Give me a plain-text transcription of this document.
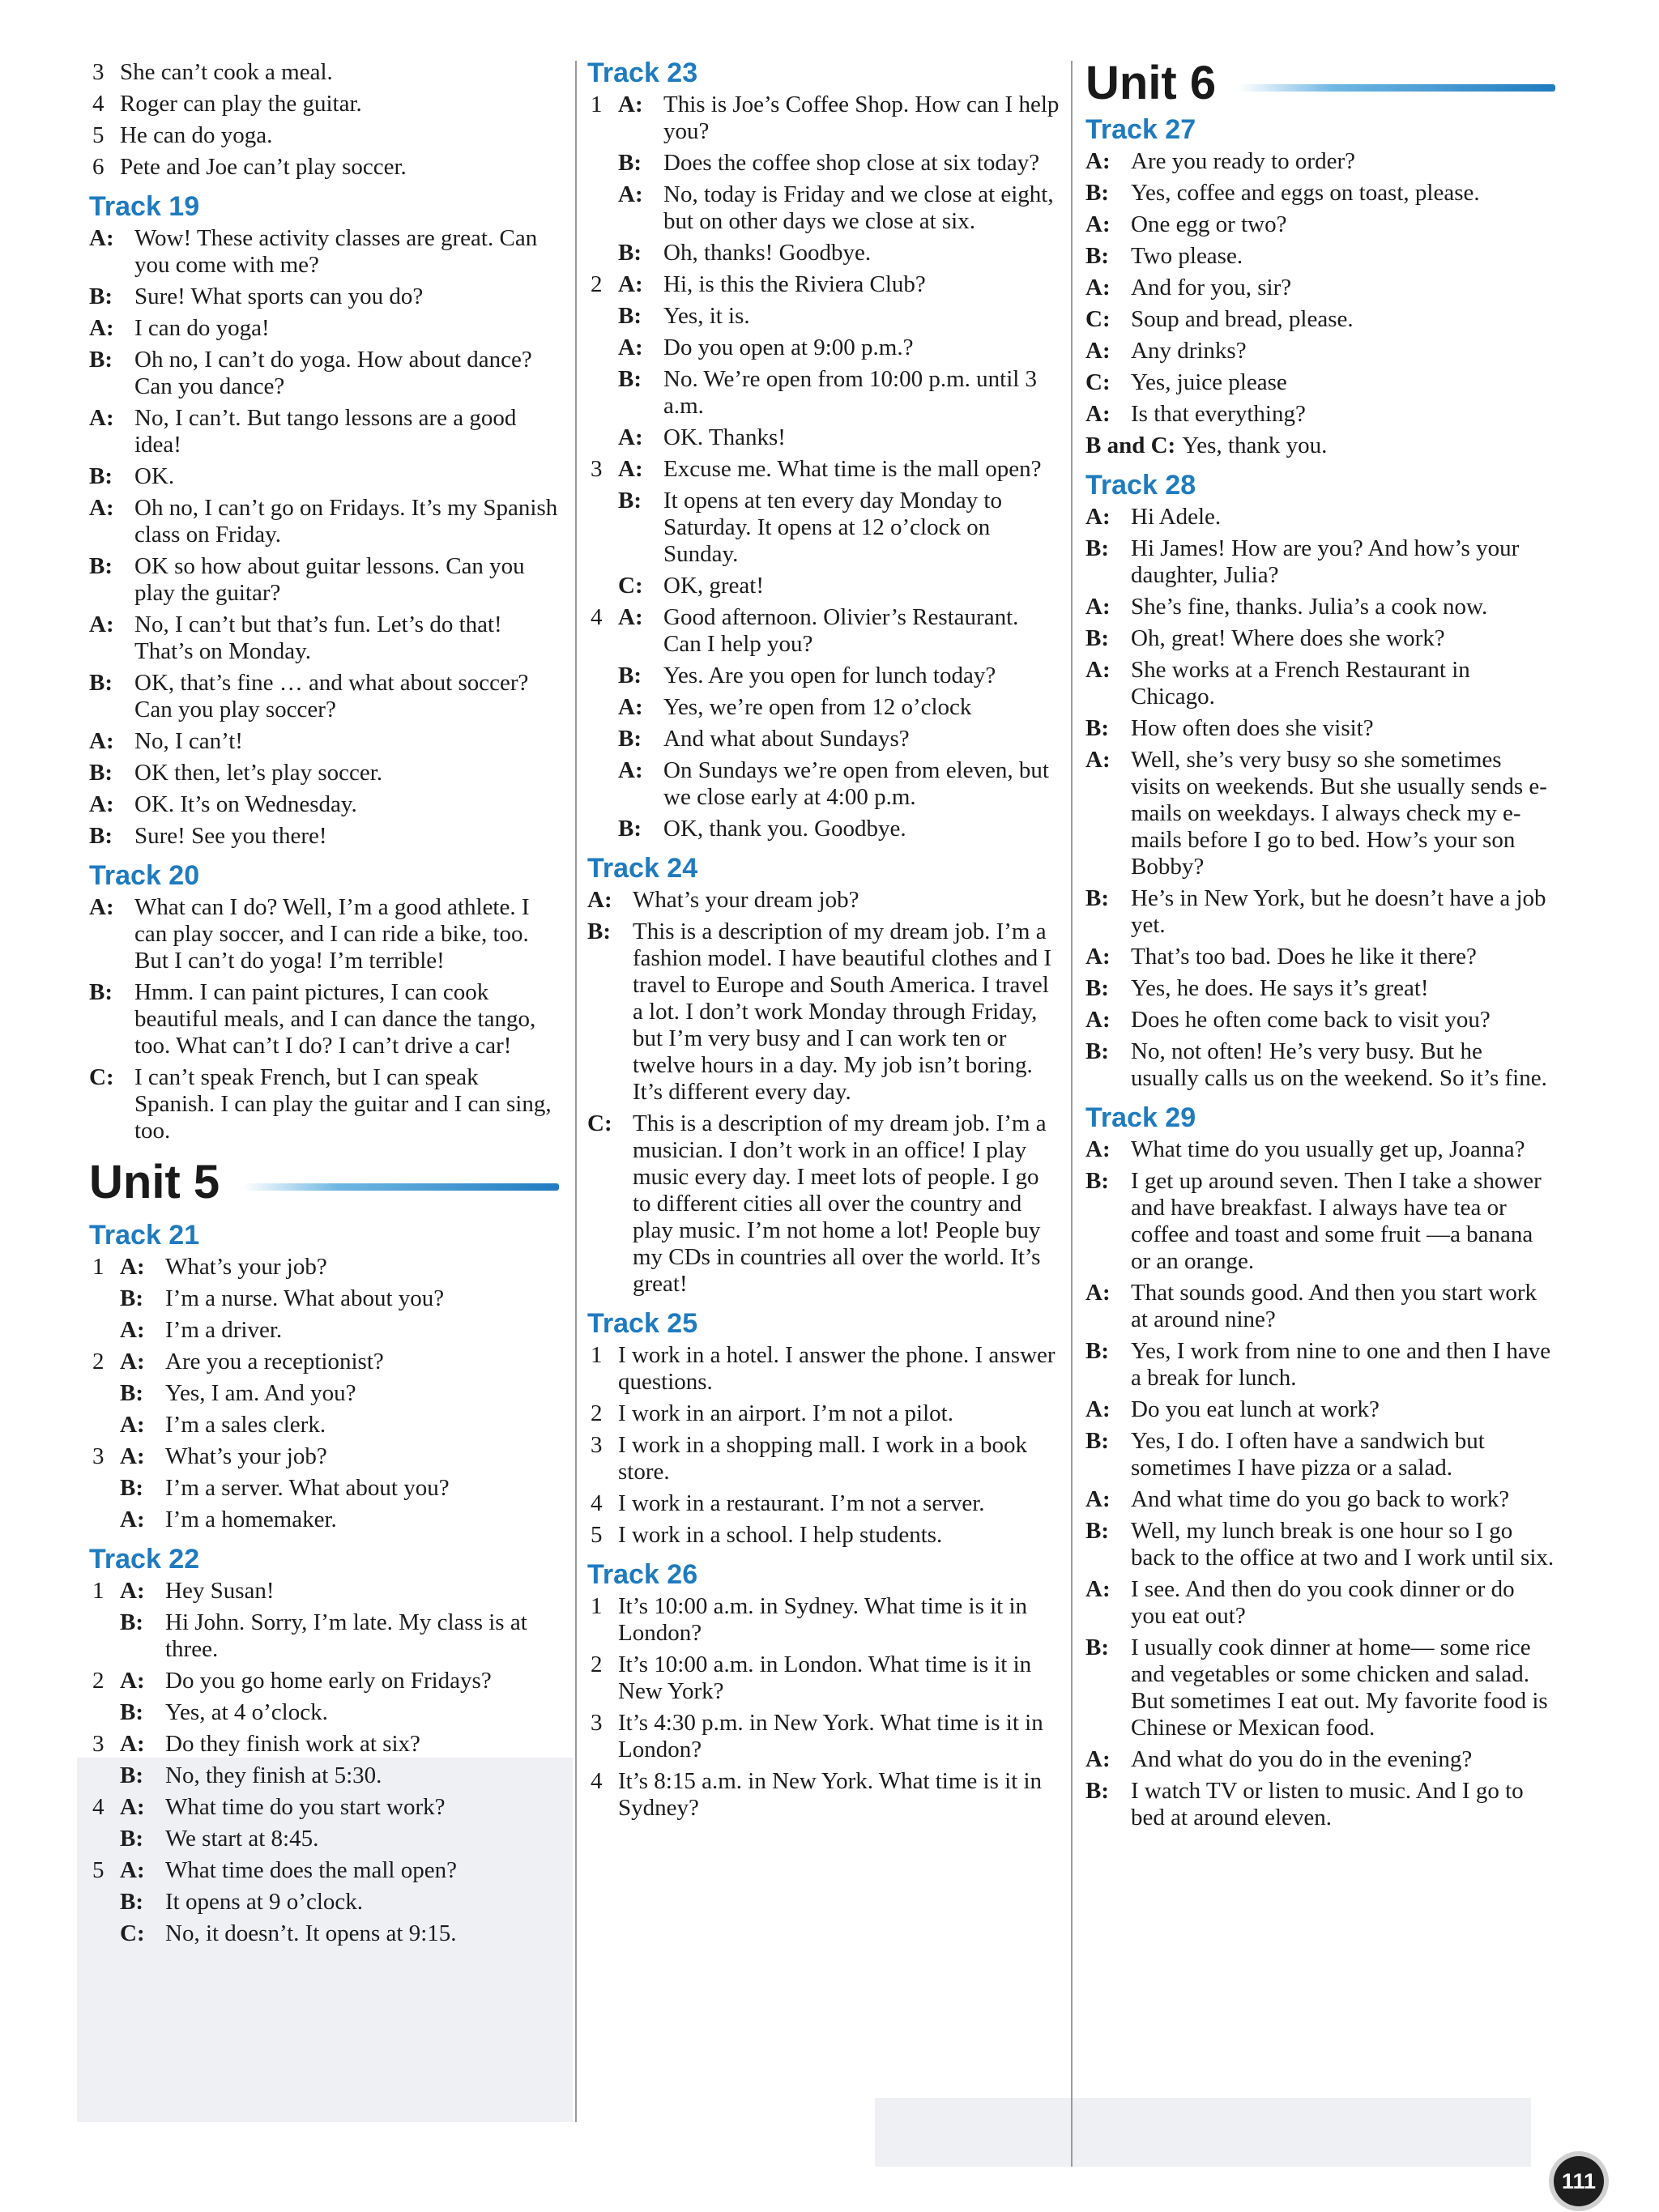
3 She can’t cook a meal.
4 Roger can play the guitar.
5 He can do yoga.
6 Pete and Joe can’t play soccer.
Track 19
A: Wow! These activity classes are great. Can you come with me?
B: Sure! What sports can you do?
A: I can do yoga!
B: Oh no, I can’t do yoga. How about dance? Can you dance?
A: No, I can’t. But tango lessons are a good idea!
B: OK.
A: Oh no, I can’t go on Fridays. It’s my Spanish class on Friday.
B: OK so how about guitar lessons. Can you play the guitar?
A: No, I can’t but that’s fun. Let’s do that! That’s on Monday.
B: OK, that’s fine … and what about soccer? Can you play soccer?
A: No, I can’t!
B: OK then, let’s play soccer.
A: OK. It’s on Wednesday.
B: Sure! See you there!
Track 20
A: What can I do? Well, I’m a good athlete. I can play soccer, and I can ride a bike, too. But I can’t do yoga! I’m terrible!
B: Hmm. I can paint pictures, I can cook beautiful meals, and I can dance the tango, too. What can’t I do? I can’t drive a car!
C: I can’t speak French, but I can speak Spanish. I can play the guitar and I can sing, too.
Unit 5
Track 21
1 A: What’s your job?
B: I’m a nurse. What about you?
A: I’m a driver.
2 A: Are you a receptionist?
B: Yes, I am. And you?
A: I’m a sales clerk.
3 A: What’s your job?
B: I’m a server. What about you?
A: I’m a homemaker.
Track 22
1 A: Hey Susan!
B: Hi John. Sorry, I’m late. My class is at three.
2 A: Do you go home early on Fridays?
B: Yes, at 4 o’clock.
3 A: Do they finish work at six?
B: No, they finish at 5:30.
4 A: What time do you start work?
B: We start at 8:45.
5 A: What time does the mall open?
B: It opens at 9 o’clock.
C: No, it doesn’t. It opens at 9:15.
Track 23
1 A: This is Joe’s Coffee Shop. How can I help you?
B: Does the coffee shop close at six today?
A: No, today is Friday and we close at eight, but on other days we close at six.
B: Oh, thanks! Goodbye.
2 A: Hi, is this the Riviera Club?
B: Yes, it is.
A: Do you open at 9:00 p.m.?
B: No. We’re open from 10:00 p.m. until 3 a.m.
A: OK. Thanks!
3 A: Excuse me. What time is the mall open?
B: It opens at ten every day Monday to Saturday. It opens at 12 o’clock on Sunday.
C: OK, great!
4 A: Good afternoon. Olivier’s Restaurant. Can I help you?
B: Yes. Are you open for lunch today?
A: Yes, we’re open from 12 o’clock
B: And what about Sundays?
A: On Sundays we’re open from eleven, but we close early at 4:00 p.m.
B: OK, thank you. Goodbye.
Track 24
A: What’s your dream job?
B: This is a description of my dream job. I’m a fashion model. I have beautiful clothes and I travel to Europe and South America. I travel a lot. I don’t work Monday through Friday, but I’m very busy and I can work ten or twelve hours in a day. My job isn’t boring. It’s different every day.
C: This is a description of my dream job. I’m a musician. I don’t work in an office! I play music every day. I meet lots of people. I go to different cities all over the country and play music. I’m not home a lot! People buy my CDs in countries all over the world. It’s great!
Track 25
1 I work in a hotel. I answer the phone. I answer questions.
2 I work in an airport. I’m not a pilot.
3 I work in a shopping mall. I work in a book store.
4 I work in a restaurant. I’m not a server.
5 I work in a school. I help students.
Track 26
1 It’s 10:00 a.m. in Sydney. What time is it in London?
2 It’s 10:00 a.m. in London. What time is it in New York?
3 It’s 4:30 p.m. in New York. What time is it in London?
4 It’s 8:15 a.m. in New York. What time is it in Sydney?
Unit 6
Track 27
A: Are you ready to order?
B: Yes, coffee and eggs on toast, please.
A: One egg or two?
B: Two please.
A: And for you, sir?
C: Soup and bread, please.
A: Any drinks?
C: Yes, juice please
A: Is that everything?
B and C: Yes, thank you.
Track 28
A: Hi Adele.
B: Hi James! How are you? And how’s your daughter, Julia?
A: She’s fine, thanks. Julia’s a cook now.
B: Oh, great! Where does she work?
A: She works at a French Restaurant in Chicago.
B: How often does she visit?
A: Well, she’s very busy so she sometimes visits on weekends. But she usually sends e-mails on weekdays. I always check my e-mails before I go to bed. How’s your son Bobby?
B: He’s in New York, but he doesn’t have a job yet.
A: That’s too bad. Does he like it there?
B: Yes, he does. He says it’s great!
A: Does he often come back to visit you?
B: No, not often! He’s very busy. But he usually calls us on the weekend. So it’s fine.
Track 29
A: What time do you usually get up, Joanna?
B: I get up around seven. Then I take a shower and have breakfast. I always have tea or coffee and toast and some fruit —a banana or an orange.
A: That sounds good. And then you start work at around nine?
B: Yes, I work from nine to one and then I have a break for lunch.
A: Do you eat lunch at work?
B: Yes, I do. I often have a sandwich but sometimes I have pizza or a salad.
A: And what time do you go back to work?
B: Well, my lunch break is one hour so I go back to the office at two and I work until six.
A: I see. And then do you cook dinner or do you eat out?
B: I usually cook dinner at home— some rice and vegetables or some chicken and salad. But sometimes I eat out. My favorite food is Chinese or Mexican food.
A: And what do you do in the evening?
B: I watch TV or listen to music. And I go to bed at around eleven.
111
